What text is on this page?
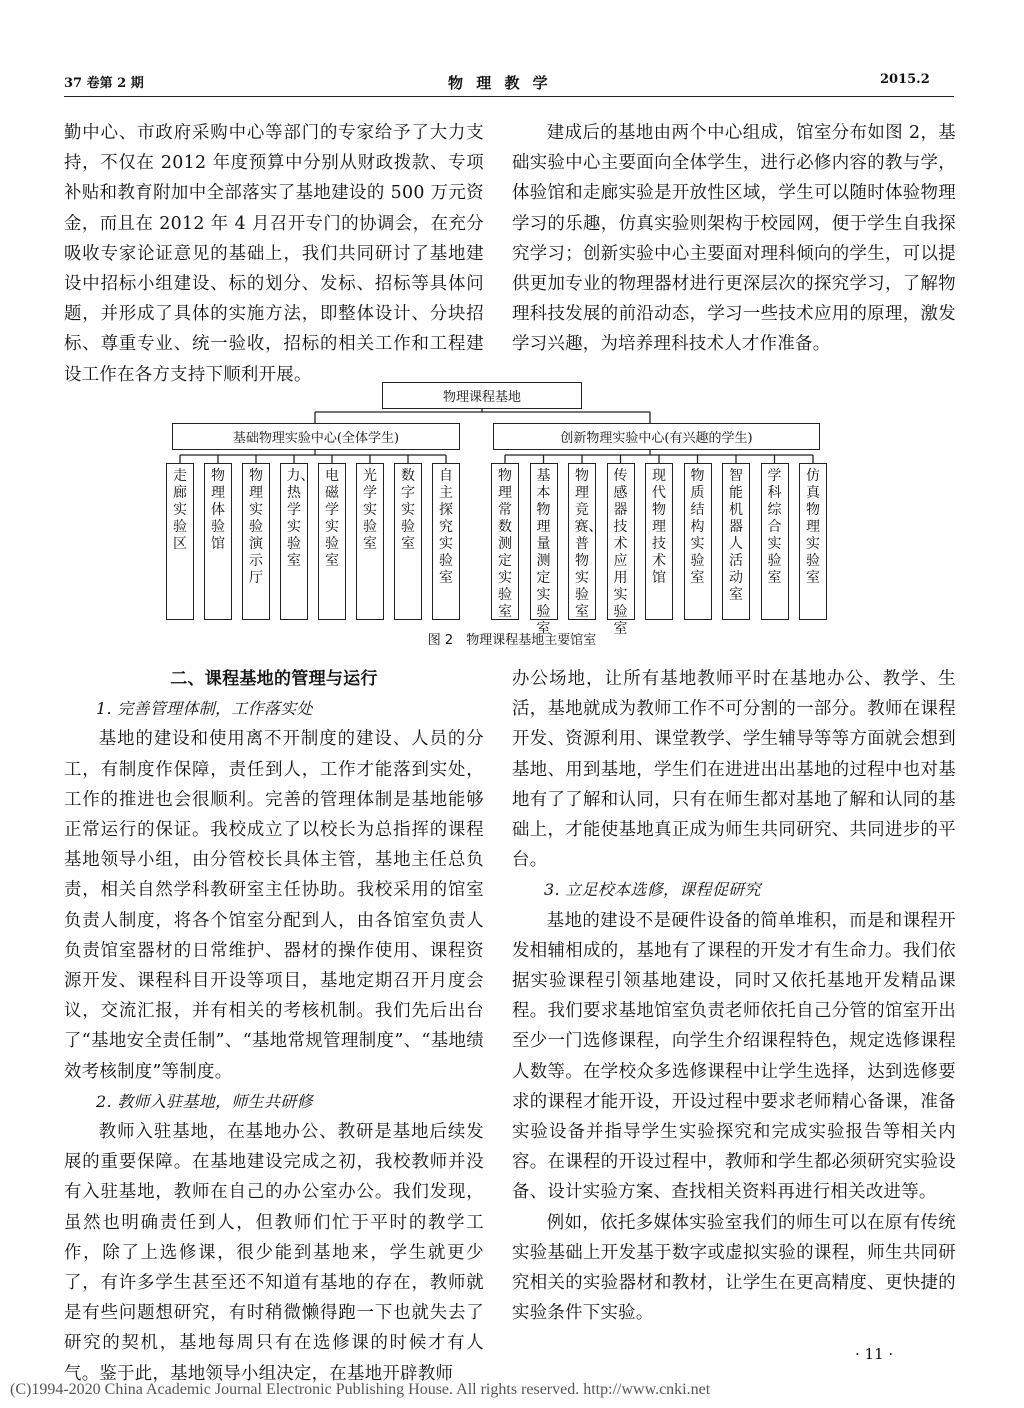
37 卷第 2 期	物 理 教 学	2015.2

勤中心、市政府采购中心等部门的专家给予了大力支持，不仅在 2012 年度预算中分别从财政拨款、专项补贴和教育附加中全部落实了基地建设的 500 万元资金，而且在 2012 年 4 月召开专门的协调会，在充分吸收专家论证意见的基础上，我们共同研讨了基地建设中招标小组建设、标的划分、发标、招标等具体问题，并形成了具体的实施方法，即整体设计、分块招标、尊重专业、统一验收，招标的相关工作和工程建设工作在各方支持下顺利开展。

建成后的基地由两个中心组成，馆室分布如图 2，基础实验中心主要面向全体学生，进行必修内容的教与学，体验馆和走廊实验是开放性区域，学生可以随时体验物理学习的乐趣，仿真实验则架构于校园网，便于学生自我探究学习；创新实验中心主要面对理科倾向的学生，可以提供更加专业的物理器材进行更深层次的探究学习，了解物理科技发展的前沿动态，学习一些技术应用的原理，激发学习兴趣，为培养理科技术人才作准备。

物理课程基地
基础物理实验中心(全体学生)	创新物理实验中心(有兴趣的学生)
走廊实验区
物理体验馆
物理实验演示厅
力、热学实验室
电磁学实验室
光学实验室
数字实验室
自主探究实验室
物理常数测定实验室
基本物理量测定实验室
物理竞赛、普物实验室
传感器技术应用实验室
现代物理技术馆
物质结构实验室
智能机器人活动室
学科综合实验室
仿真物理实验室
图 2　物理课程基地主要馆室

二、课程基地的管理与运行

1. 完善管理体制，工作落实处

基地的建设和使用离不开制度的建设、人员的分工，有制度作保障，责任到人，工作才能落到实处，工作的推进也会很顺利。完善的管理体制是基地能够正常运行的保证。我校成立了以校长为总指挥的课程基地领导小组，由分管校长具体主管，基地主任总负责，相关自然学科教研室主任协助。我校采用的馆室负责人制度，将各个馆室分配到人，由各馆室负责人负责馆室器材的日常维护、器材的操作使用、课程资源开发、课程科目开设等项目，基地定期召开月度会议，交流汇报，并有相关的考核机制。我们先后出台了“基地安全责任制”、“基地常规管理制度”、“基地绩效考核制度”等制度。

2. 教师入驻基地，师生共研修

教师入驻基地，在基地办公、教研是基地后续发展的重要保障。在基地建设完成之初，我校教师并没有入驻基地，教师在自己的办公室办公。我们发现，虽然也明确责任到人，但教师们忙于平时的教学工作，除了上选修课，很少能到基地来，学生就更少了，有许多学生甚至还不知道有基地的存在，教师就是有些问题想研究，有时稍微懒得跑一下也就失去了研究的契机，基地每周只有在选修课的时候才有人气。鉴于此，基地领导小组决定，在基地开辟教师

办公场地，让所有基地教师平时在基地办公、教学、生活，基地就成为教师工作不可分割的一部分。教师在课程开发、资源利用、课堂教学、学生辅导等等方面就会想到基地、用到基地，学生们在进进出出基地的过程中也对基地有了了解和认同，只有在师生都对基地了解和认同的基础上，才能使基地真正成为师生共同研究、共同进步的平台。

3. 立足校本选修，课程促研究

基地的建设不是硬件设备的简单堆积，而是和课程开发相辅相成的，基地有了课程的开发才有生命力。我们依据实验课程引领基地建设，同时又依托基地开发精品课程。我们要求基地馆室负责老师依托自己分管的馆室开出至少一门选修课程，向学生介绍课程特色，规定选修课程人数等。在学校众多选修课程中让学生选择，达到选修要求的课程才能开设，开设过程中要求老师精心备课，准备实验设备并指导学生实验探究和完成实验报告等相关内容。在课程的开设过程中，教师和学生都必须研究实验设备、设计实验方案、查找相关资料再进行相关改进等。

例如，依托多媒体实验室我们的师生可以在原有传统实验基础上开发基于数字或虚拟实验的课程，师生共同研究相关的实验器材和教材，让学生在更高精度、更快捷的实验条件下实验。

· 11 ·
(C)1994-2020 China Academic Journal Electronic Publishing House. All rights reserved. http://www.cnki.net
